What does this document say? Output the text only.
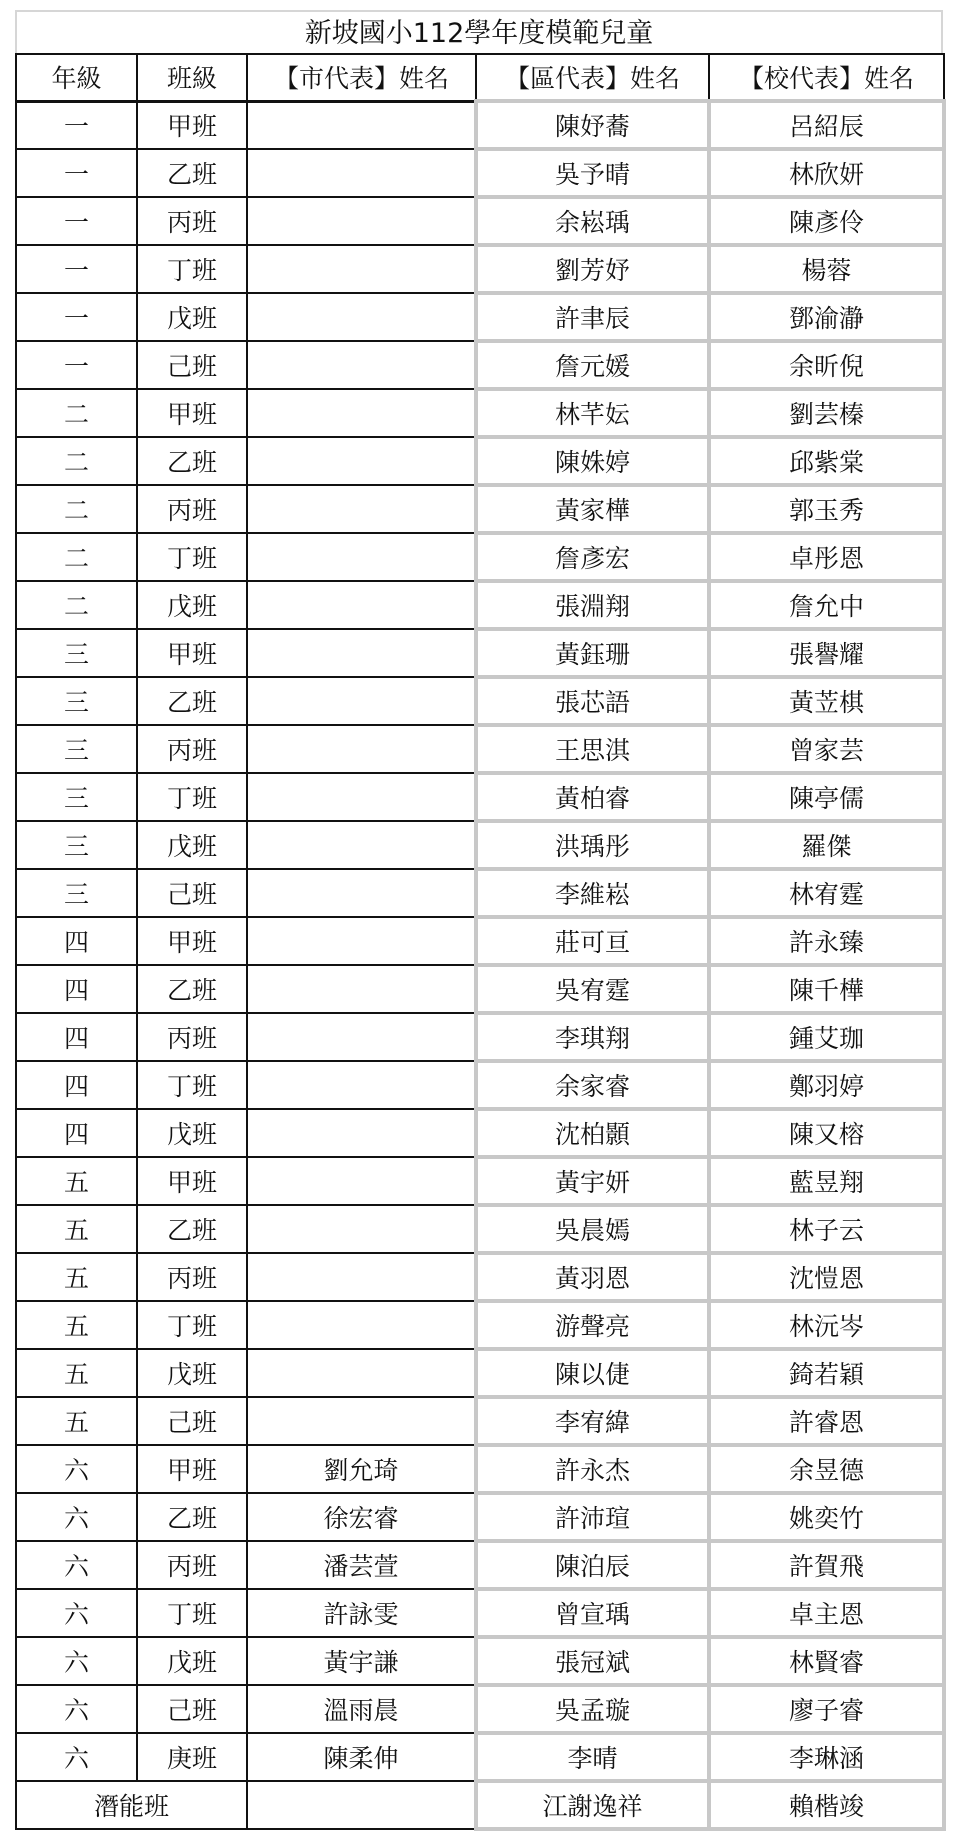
新坡國小112學年度模範兒童
年級	班級	【市代表】姓名	【區代表】姓名	【校代表】姓名
一	甲班		陳妤蕎	呂紹辰
一	乙班		吳予晴	林欣妍
一	丙班		余崧瑀	陳彥伶
一	丁班		劉芳妤	楊蓉
一	戊班		許聿辰	鄧渝瀞
一	己班		詹元媛	余昕倪
二	甲班		林芊妘	劉芸榛
二	乙班		陳姝婷	邱紫棠
二	丙班		黃家樺	郭玉秀
二	丁班		詹彥宏	卓彤恩
二	戊班		張淵翔	詹允中
三	甲班		黃鈺珊	張譽耀
三	乙班		張芯語	黃苙棋
三	丙班		王思淇	曾家芸
三	丁班		黃柏睿	陳亭儒
三	戊班		洪瑀彤	羅傑
三	己班		李維崧	林宥霆
四	甲班		莊可亘	許永臻
四	乙班		吳宥霆	陳千樺
四	丙班		李琪翔	鍾艾珈
四	丁班		余家睿	鄭羽婷
四	戊班		沈柏顥	陳又榕
五	甲班		黃宇妍	藍昱翔
五	乙班		吳晨嫣	林子云
五	丙班		黃羽恩	沈愷恩
五	丁班		游聲亮	林沅岑
五	戊班		陳以倢	錡若穎
五	己班		李宥緯	許睿恩
六	甲班	劉允琦	許永杰	余昱德
六	乙班	徐宏睿	許沛瑄	姚奕竹
六	丙班	潘芸萱	陳泊辰	許賀飛
六	丁班	許詠雯	曾宣瑀	卓主恩
六	戊班	黃宇謙	張冠斌	林賢睿
六	己班	溫雨晨	吳孟璇	廖子睿
六	庚班	陳柔伸	李晴	李琳涵
潛能班			江謝逸祥	賴楷竣
